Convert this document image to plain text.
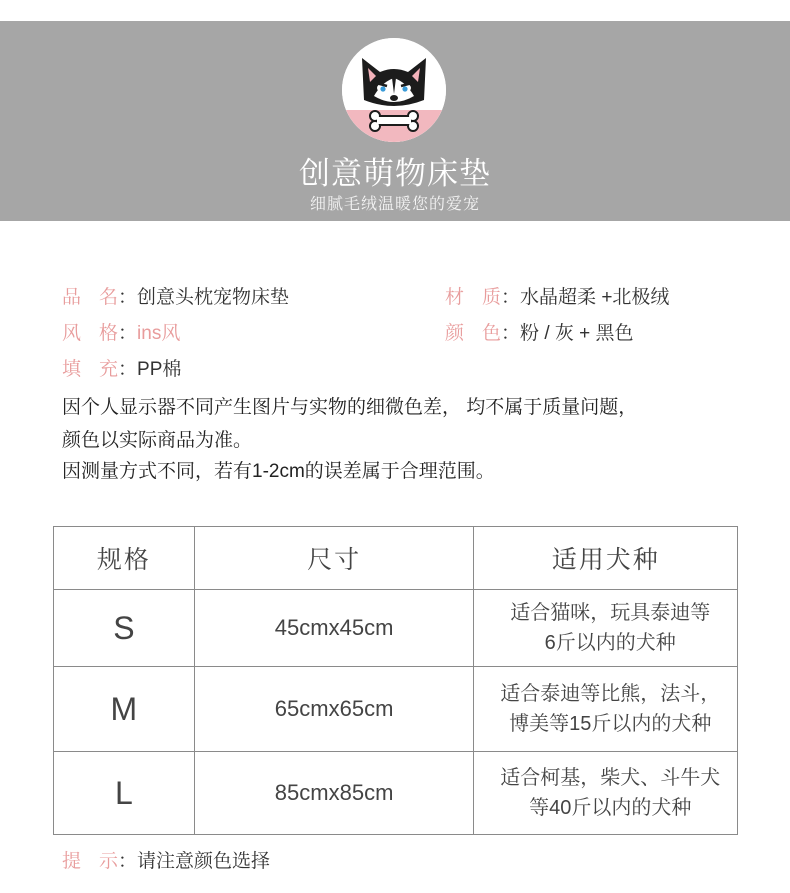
创意萌物床垫
细腻毛绒温暖您的爱宠
品 名：创意头枕宠物床垫	材 质：水晶超柔 +北极绒
风 格：ins风	颜 色：粉 / 灰 + 黑色
填 充：PP棉
因个人显示器不同产生图片与实物的细微色差， 均不属于质量问题，
颜色以实际商品为准。
因测量方式不同，若有1-2cm的误差属于合理范围。
规格	尺寸	适用犬种
S	45cmx45cm	适合猫咪，玩具泰迪等
6斤以内的犬种

M	65cmx65cm	适合泰迪等比熊，法斗，
博美等15斤以内的犬种

L	85cmx85cm	适合柯基，柴犬、斗牛犬
等40斤以内的犬种
提 示：请注意颜色选择
